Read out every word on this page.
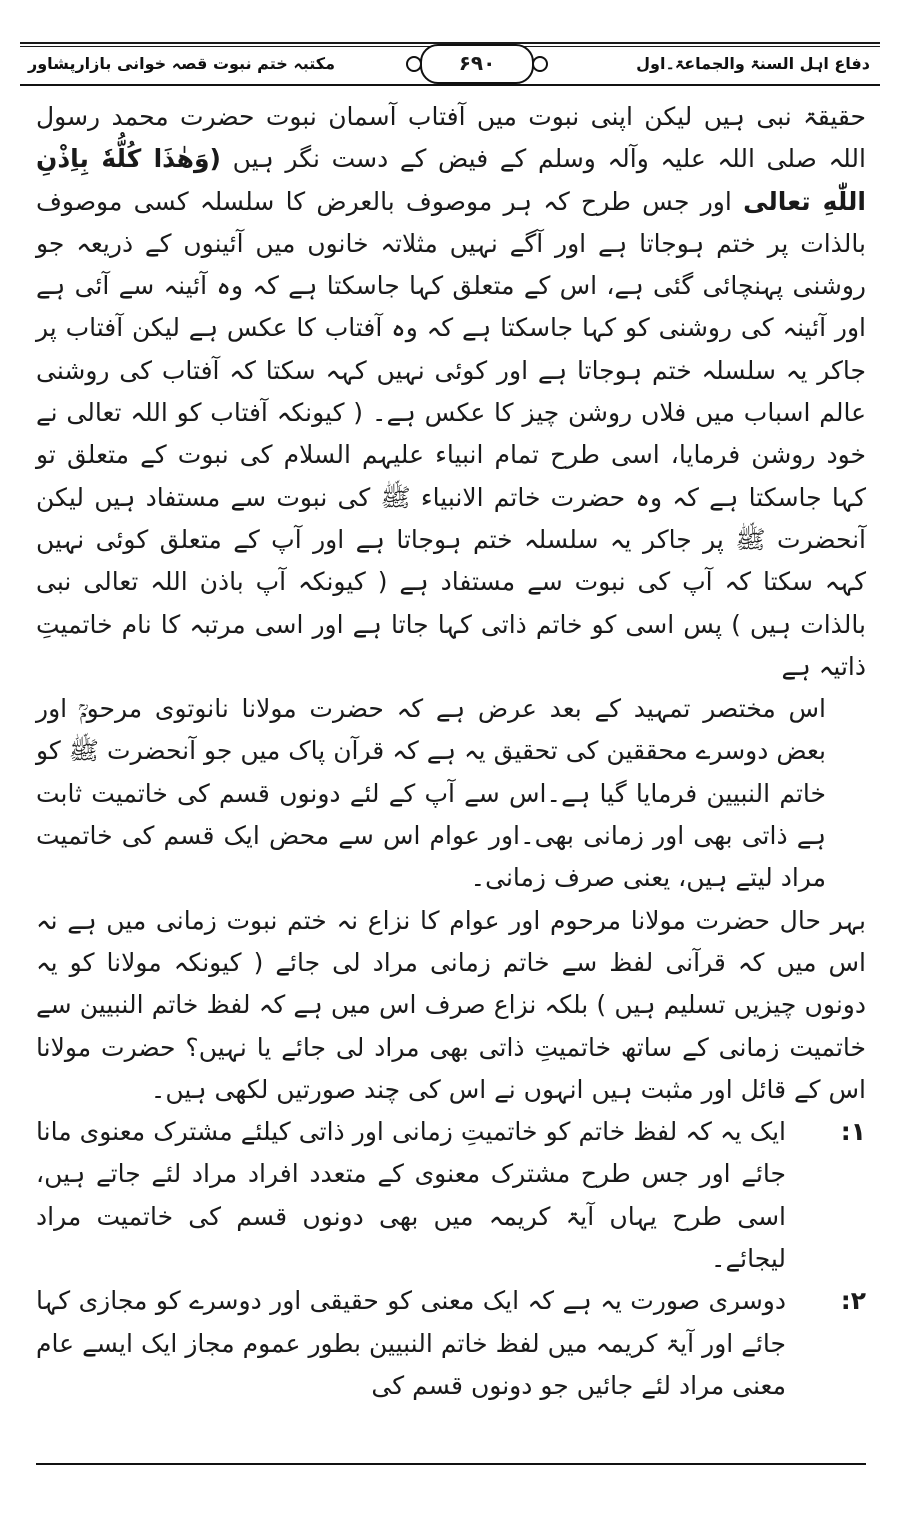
دفاع اہل السنۃ والجماعۃ۔اول
۶۹۰
مکتبہ ختم نبوت قصہ خوانی بازارپشاور

حقیقۃ نبی ہیں لیکن اپنی نبوت میں آفتاب آسمان نبوت حضرت محمد رسول اللہ صلی اللہ علیہ وآلہ وسلم کے فیض کے دست نگر ہیں (وَهٰذَا كُلُّهٗ بِاِذْنِ اللّٰهِ تعالى اور جس طرح کہ ہر موصوف بالعرض کا سلسلہ کسی موصوف بالذات پر ختم ہوجاتا ہے اور آگے نہیں مثلاتہ خانوں میں آئینوں کے ذریعہ جو روشنی پہنچائی گئی ہے، اس کے متعلق کہا جاسکتا ہے کہ وہ آئینہ سے آئی ہے اور آئینہ کی روشنی کو کہا جاسکتا ہے کہ وہ آفتاب کا عکس ہے لیکن آفتاب پر جاکر یہ سلسلہ ختم ہوجاتا ہے اور کوئی نہیں کہہ سکتا کہ آفتاب کی روشنی عالم اسباب میں فلاں روشن چیز کا عکس ہے۔ ( کیونکہ آفتاب کو اللہ تعالی نے خود روشن فرمایا، اسی طرح تمام انبیاء علیہم السلام کی نبوت کے متعلق تو کہا جاسکتا ہے کہ وہ حضرت خاتم الانبیاء ﷺ کی نبوت سے مستفاد ہیں لیکن آنحضرت ﷺ پر جاکر یہ سلسلہ ختم ہوجاتا ہے اور آپ کے متعلق کوئی نہیں کہہ سکتا کہ آپ کی نبوت سے مستفاد ہے ( کیونکہ آپ باذن اللہ تعالی نبی بالذات ہیں ) پس اسی کو خاتم ذاتی کہا جاتا ہے اور اسی مرتبہ کا نام خاتمیتِ ذاتیہ ہے

اس مختصر تمہید کے بعد عرض ہے کہ حضرت مولانا نانوتوی مرحومؒ اور بعض دوسرے محققین کی تحقیق یہ ہے کہ قرآن پاک میں جو آنحضرت ﷺ کو خاتم النبیین فرمایا گیا ہے۔اس سے آپ کے لئے دونوں قسم کی خاتمیت ثابت ہے ذاتی بھی اور زمانی بھی۔اور عوام اس سے محض ایک قسم کی خاتمیت مراد لیتے ہیں، یعنی صرف زمانی۔

بہر حال حضرت مولانا مرحوم اور عوام کا نزاع نہ ختم نبوت زمانی میں ہے نہ اس میں کہ قرآنی لفظ سے خاتم زمانی مراد لی جائے ( کیونکہ مولانا کو یہ دونوں چیزیں تسلیم ہیں ) بلکہ نزاع صرف اس میں ہے کہ لفظ خاتم النبیین سے خاتمیت زمانی کے ساتھ خاتمیتِ ذاتی بھی مراد لی جائے یا نہیں؟ حضرت مولانا اس کے قائل اور مثبت ہیں انہوں نے اس کی چند صورتیں لکھی ہیں۔

۱:
ایک یہ کہ لفظ خاتم کو خاتمیتِ زمانی اور ذاتی کیلئے مشترک معنوی مانا جائے اور جس طرح مشترک معنوی کے متعدد افراد مراد لئے جاتے ہیں، اسی طرح یہاں آیۃ کریمہ میں بھی دونوں قسم کی خاتمیت مراد لیجائے۔
۲:
دوسری صورت یہ ہے کہ ایک معنی کو حقیقی اور دوسرے کو مجازی کہا جائے اور آیۃ کریمہ میں لفظ خاتم النبیین بطور عموم مجاز ایک ایسے عام معنی مراد لئے جائیں جو دونوں قسم کی
